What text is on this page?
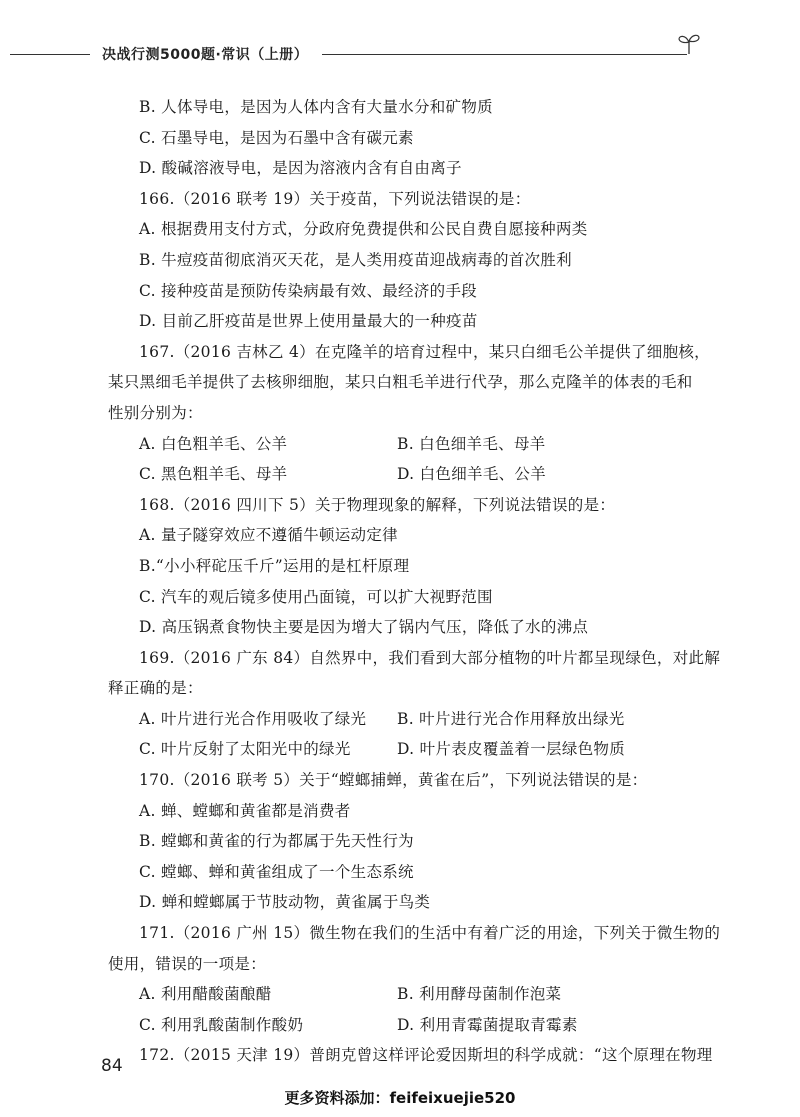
决战行测5000题·常识（上册）
B. 人体导电，是因为人体内含有大量水分和矿物质
C. 石墨导电，是因为石墨中含有碳元素
D. 酸碱溶液导电，是因为溶液内含有自由离子
166.（2016 联考 19）关于疫苗，下列说法错误的是：
A. 根据费用支付方式，分政府免费提供和公民自费自愿接种两类
B. 牛痘疫苗彻底消灭天花，是人类用疫苗迎战病毒的首次胜利
C. 接种疫苗是预防传染病最有效、最经济的手段
D. 目前乙肝疫苗是世界上使用量最大的一种疫苗
167.（2016 吉林乙 4）在克隆羊的培育过程中，某只白细毛公羊提供了细胞核，
某只黑细毛羊提供了去核卵细胞，某只白粗毛羊进行代孕，那么克隆羊的体表的毛和
性别分别为：
A. 白色粗羊毛、公羊	B. 白色细羊毛、母羊
C. 黑色粗羊毛、母羊	D. 白色细羊毛、公羊
168.（2016 四川下 5）关于物理现象的解释，下列说法错误的是：
A. 量子隧穿效应不遵循牛顿运动定律
B.“小小秤砣压千斤”运用的是杠杆原理
C. 汽车的观后镜多使用凸面镜，可以扩大视野范围
D. 高压锅煮食物快主要是因为增大了锅内气压，降低了水的沸点
169.（2016 广东 84）自然界中，我们看到大部分植物的叶片都呈现绿色，对此解
释正确的是：
A. 叶片进行光合作用吸收了绿光	B. 叶片进行光合作用释放出绿光
C. 叶片反射了太阳光中的绿光	D. 叶片表皮覆盖着一层绿色物质
170.（2016 联考 5）关于“螳螂捕蝉，黄雀在后”，下列说法错误的是：
A. 蝉、螳螂和黄雀都是消费者
B. 螳螂和黄雀的行为都属于先天性行为
C. 螳螂、蝉和黄雀组成了一个生态系统
D. 蝉和螳螂属于节肢动物，黄雀属于鸟类
171.（2016 广州 15）微生物在我们的生活中有着广泛的用途，下列关于微生物的
使用，错误的一项是：
A. 利用醋酸菌酿醋	B. 利用酵母菌制作泡菜
C. 利用乳酸菌制作酸奶	D. 利用青霉菌提取青霉素
172.（2015 天津 19）普朗克曾这样评论爱因斯坦的科学成就：“这个原理在物理
84
更多资料添加：feifeixuejie520
